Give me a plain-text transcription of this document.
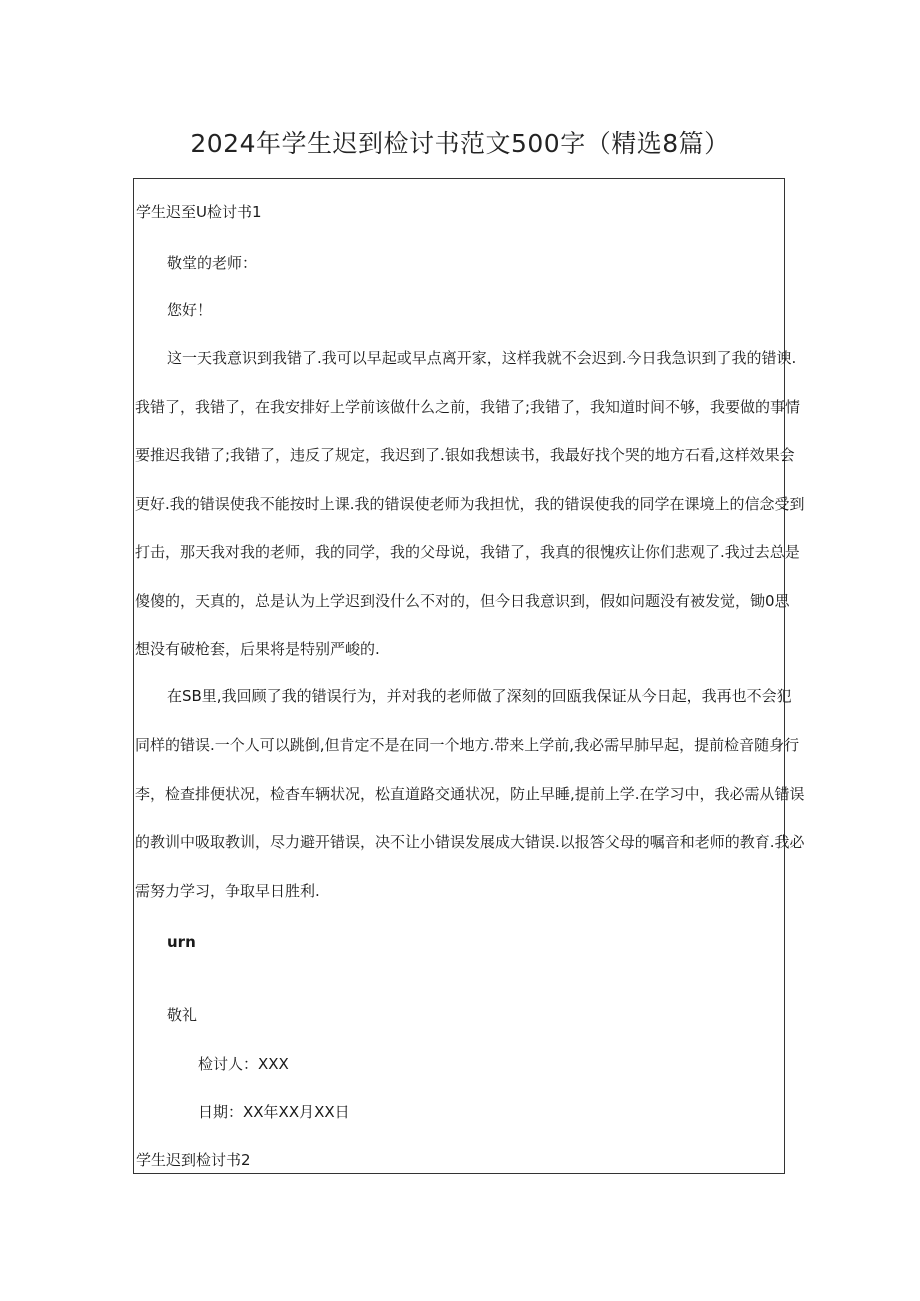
2024年学生迟到检讨书范文500字（精选8篇）
学生迟至U检讨书1
敬堂的老师：
您好！
这一天我意识到我错了.我可以早起或早点离开家，这样我就不会迟到.今日我急识到了我的错谀.
我错了，我错了，在我安排好上学前该做什么之前，我错了;我错了，我知道时间不够，我要做的事情
要推迟我错了;我错了，违反了规定，我迟到了.银如我想读书，我最好找个哭的地方石看,这样效果会
更好.我的错误使我不能按时上课.我的错误使老师为我担忧，我的错误使我的同学在课境上的信念受到
打击，那天我对我的老师，我的同学，我的父母说，我错了，我真的很愧疚让你们悲观了.我过去总是
傻傻的，天真的，总是认为上学迟到没什么不对的，但今日我意识到，假如问题没有被发觉，锄0思
想没有破枪套，后果将是特别严峻的.
在SB里,我回顾了我的错误行为，并对我的老师做了深刻的回瓯我保证从今日起，我再也不会犯
同样的错误.一个人可以跳倒,但肯定不是在同一个地方.带来上学前,我必需早肺早起，提前检音随身行
李，检查排便状况，检杳车辆状况，松直道路交通状况，防止早睡,提前上学.在学习中，我必需从错误
的教训中吸取教训，尽力避开错误，决不让小错误发展成大错误.以报答父母的嘱音和老师的教育.我必
需努力学习，争取早日胜利.
urn
敬礼
检讨人：XXX
日期：XX年XX月XX日
学生迟到检讨书2
